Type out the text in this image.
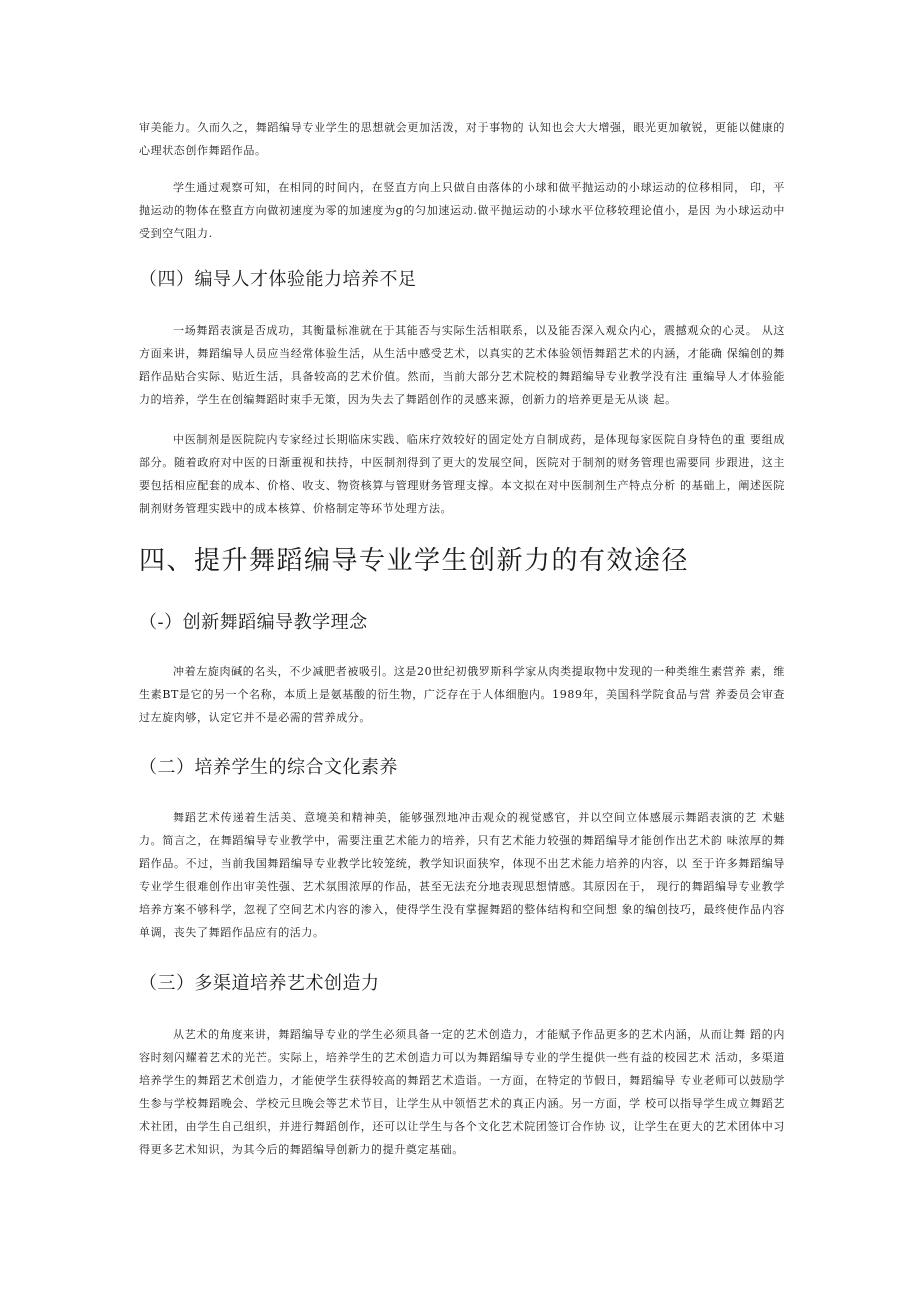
审美能力。久而久之，舞蹈编导专业学生的思想就会更加活泼，对于事物的 认知也会大大增强，眼光更加敏锐，更能以健康的心理状态创作舞蹈作品。

学生通过观察可知，在相同的时间内，在竖直方向上只做自由落体的小球和做平抛运动的小球运动的位移相同， 印，平抛运动的物体在整直方向做初速度为零的加速度为g的匀加速运动.做平抛运动的小球水平位移较理论值小，是因 为小球运动中受到空气阻力.

（四）编导人才体验能力培养不足

一场舞蹈表演是否成功，其衡量标准就在于其能否与实际生活相联系，以及能否深入观众内心，震撼观众的心灵。 从这方面来讲，舞蹈编导人员应当经常体验生活，从生活中感受艺术，以真实的艺术体验领悟舞蹈艺术的内涵，才能确 保编创的舞蹈作品贴合实际、贴近生活，具备较高的艺术价值。然而，当前大部分艺术院校的舞蹈编导专业教学没有注 重编导人才体验能力的培养，学生在创编舞蹈时束手无策，因为失去了舞蹈创作的灵感来源，创新力的培养更是无从谈 起。

中医制剂是医院院内专家经过长期临床实践、临床疗效较好的固定处方自制成药，是体现每家医院自身特色的重 要组成部分。随着政府对中医的日渐重视和扶持，中医制剂得到了更大的发展空间，医院对于制剂的财务管理也需要同 步跟进，这主要包括相应配套的成本、价格、收支、物资核算与管理财务管理支撑。本文拟在对中医制剂生产特点分析 的基础上，阐述医院制剂财务管理实践中的成本核算、价格制定等环节处理方法。

四、提升舞蹈编导专业学生创新力的有效途径
（-）创新舞蹈编导教学理念

冲着左旋肉碱的名头，不少减肥者被吸引。这是20世纪初俄罗斯科学家从肉类提取物中发现的一种类维生素营养 素，维生素BT是它的另一个名称，本质上是氨基酸的衍生物，广泛存在于人体细胞内。1989年，美国科学院食品与营 养委员会审查过左旋肉够，认定它并不是必需的营养成分。

（二）培养学生的综合文化素养

舞蹈艺术传递着生活美、意境美和精神美，能够强烈地冲击观众的视觉感官，并以空间立体感展示舞蹈表演的艺 术魅力。简言之，在舞蹈编导专业教学中，需要注重艺术能力的培养，只有艺术能力较强的舞蹈编导才能创作出艺术韵 味浓厚的舞蹈作品。不过，当前我国舞蹈编导专业教学比较笼统，教学知识面狭窄，体现不出艺术能力培养的内容，以 至于许多舞蹈编导专业学生很难创作出审美性强、艺术氛围浓厚的作品，甚至无法充分地表现思想情感。其原因在于， 现行的舞蹈编导专业教学培养方案不够科学，忽视了空间艺术内容的渗入，使得学生没有掌握舞蹈的整体结构和空间想 象的编创技巧，最终使作品内容单调，丧失了舞蹈作品应有的活力。

（三）多渠道培养艺术创造力

从艺术的角度来讲，舞蹈编导专业的学生必须具备一定的艺术创造力，才能赋予作品更多的艺术内涵，从而让舞 蹈的内容时刻闪耀着艺术的光芒。实际上，培养学生的艺术创造力可以为舞蹈编导专业的学生提供一些有益的校园艺术 活动，多渠道培养学生的舞蹈艺术创造力，才能使学生获得较高的舞蹈艺术造诣。一方面，在特定的节假日，舞蹈编导 专业老师可以鼓励学生参与学校舞蹈晚会、学校元旦晚会等艺术节目，让学生从中领悟艺术的真正内涵。另一方面，学 校可以指导学生成立舞蹈艺术社团，由学生自己组织，并进行舞蹈创作，还可以让学生与各个文化艺术院团签订合作协 议，让学生在更大的艺术团体中习得更多艺术知识，为其今后的舞蹈编导创新力的提升奠定基础。
